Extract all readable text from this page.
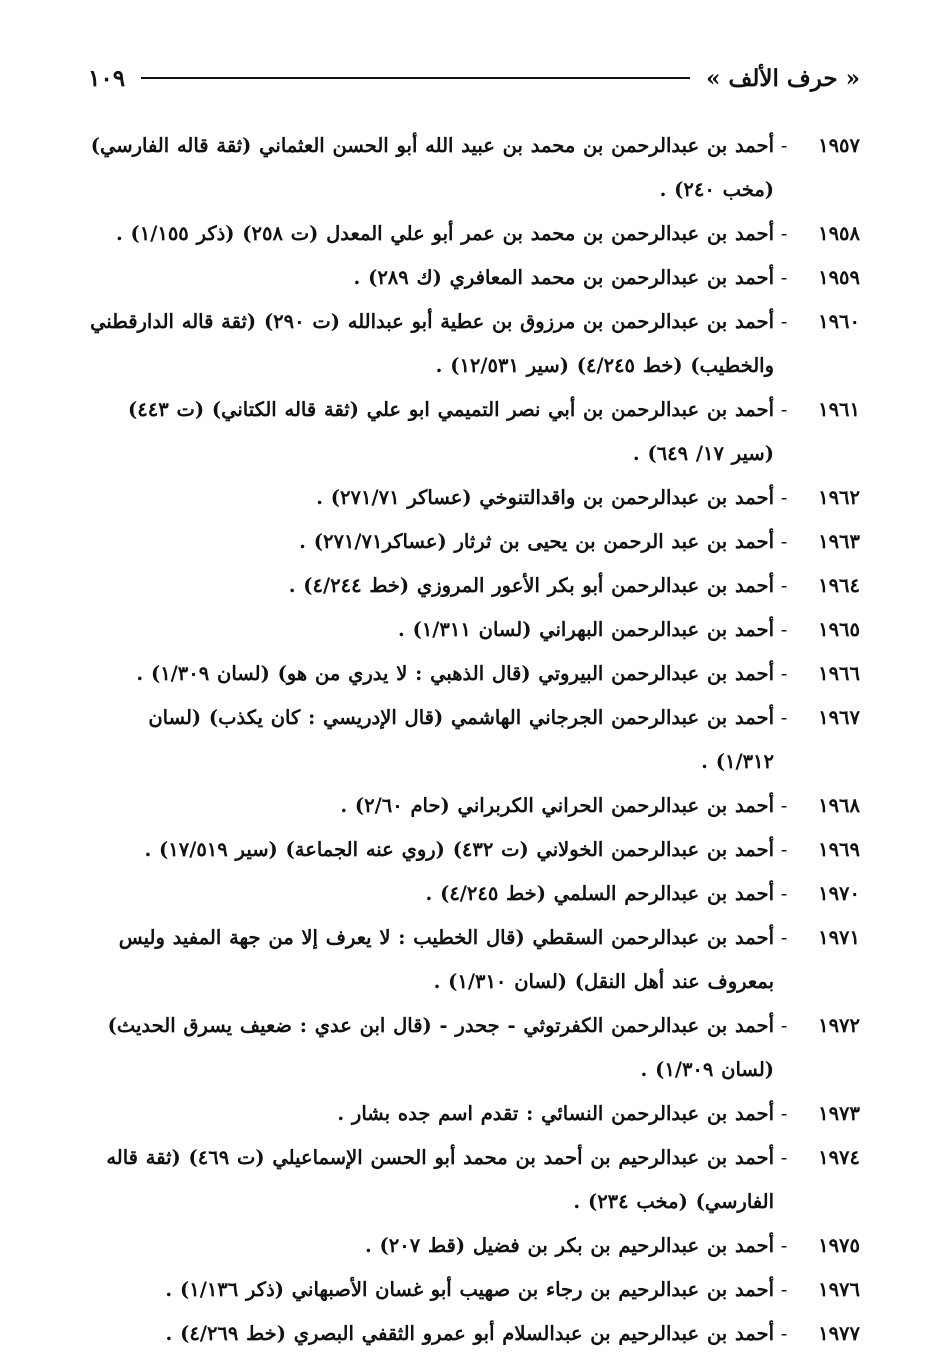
« حرف الألف »
١٠٩
١٩٥٧
-
أحمد بن عبدالرحمن بن محمد بن عبيد الله أبو الحسن العثماني (ثقة قاله الفارسي) (مخب ٢٤٠) .
١٩٥٨
-
أحمد بن عبدالرحمن بن محمد بن عمر أبو علي المعدل (ت ٢٥٨) (ذكر ١/١٥٥) .
١٩٥٩
-
أحمد بن عبدالرحمن بن محمد المعافري (ك ٢٨٩) .
١٩٦٠
-
أحمد بن عبدالرحمن بن مرزوق بن عطية أبو عبدالله (ت ٢٩٠) (ثقة قاله الدارقطني والخطيب) (خط ٤/٢٤٥) (سير ١٢/٥٣١) .
١٩٦١
-
أحمد بن عبدالرحمن بن أبي نصر التميمي ابو علي (ثقة قاله الكتاني) (ت ٤٤٣) (سير ١٧/ ٦٤٩) .
١٩٦٢
-
أحمد بن عبدالرحمن بن واقدالتنوخي (عساكر ٢٧١/٧١) .
١٩٦٣
-
أحمد بن عبد الرحمن بن يحيى بن ثرثار (عساكر٢٧١/٧١) .
١٩٦٤
-
أحمد بن عبدالرحمن أبو بكر الأعور المروزي (خط ٤/٢٤٤) .
١٩٦٥
-
أحمد بن عبدالرحمن البهراني (لسان ١/٣١١) .
١٩٦٦
-
أحمد بن عبدالرحمن البيروتي (قال الذهبي : لا يدري من هو) (لسان ١/٣٠٩) .
١٩٦٧
-
أحمد بن عبدالرحمن الجرجاني الهاشمي (قال الإدريسي : كان يكذب) (لسان ١/٣١٢) .
١٩٦٨
-
أحمد بن عبدالرحمن الحراني الكربراني (حام ٢/٦٠) .
١٩٦٩
-
أحمد بن عبدالرحمن الخولاني (ت ٤٣٢) (روي عنه الجماعة) (سير ١٧/٥١٩) .
١٩٧٠
-
أحمد بن عبدالرحم السلمي (خط ٤/٢٤٥) .
١٩٧١
-
أحمد بن عبدالرحمن السقطي (قال الخطيب : لا يعرف إلا من جهة المفيد وليس بمعروف عند أهل النقل) (لسان ١/٣١٠) .
١٩٧٢
-
أحمد بن عبدالرحمن الكفرتوثي - جحدر - (قال ابن عدي : ضعيف يسرق الحديث) (لسان ١/٣٠٩) .
١٩٧٣
-
أحمد بن عبدالرحمن النسائي : تقدم اسم جده بشار .
١٩٧٤
-
أحمد بن عبدالرحيم بن أحمد بن محمد أبو الحسن الإسماعيلي (ت ٤٦٩) (ثقة قاله الفارسي) (مخب ٢٣٤) .
١٩٧٥
-
أحمد بن عبدالرحيم بن بكر بن فضيل (قط ٢٠٧) .
١٩٧٦
-
أحمد بن عبدالرحيم بن رجاء بن صهيب أبو غسان الأصبهاني (ذكر ١/١٣٦) .
١٩٧٧
-
أحمد بن عبدالرحيم بن عبدالسلام أبو عمرو الثقفي البصري (خط ٤/٢٦٩) .
